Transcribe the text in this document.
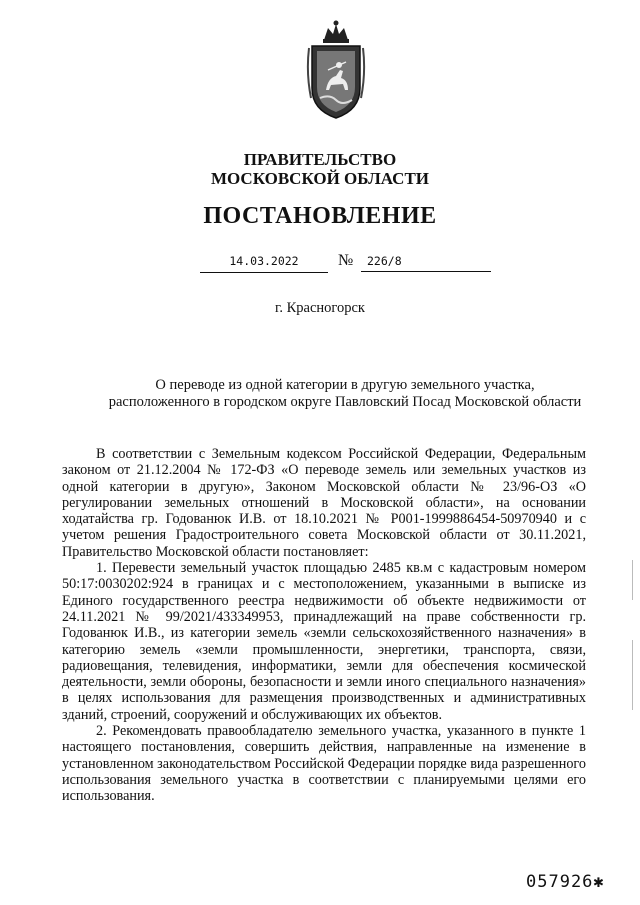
ПРАВИТЕЛЬСТВО
МОСКОВСКОЙ ОБЛАСТИ
ПОСТАНОВЛЕНИЕ
14.03.2022	№	226/8
г. Красногорск
О переводе из одной категории в другую земельного участка,
расположенного в городском округе Павловский Посад Московской области

В соответствии с Земельным кодексом Российской Федерации, Федеральным законом от 21.12.2004 № 172-ФЗ «О переводе земель или земельных участков из одной категории в другую», Законом Московской области № 23/96-ОЗ «О регулировании земельных отношений в Московской области», на основании ходатайства гр. Годованюк И.В. от 18.10.2021 № Р001-1999886454-50970940 и с учетом решения Градостроительного совета Московской области от 30.11.2021, Правительство Московской области постановляет:

1. Перевести земельный участок площадью 2485 кв.м с кадастровым номером 50:17:0030202:924 в границах и с местоположением, указанными в выписке из Единого государственного реестра недвижимости об объекте недвижимости от 24.11.2021 № 99/2021/433349953, принадлежащий на праве собственности гр. Годованюк И.В., из категории земель «земли сельскохозяйственного назначения» в категорию земель «земли промышленности, энергетики, транспорта, связи, радиовещания, телевидения, информатики, земли для обеспечения космической деятельности, земли обороны, безопасности и земли иного специального назначения» в целях использования для размещения производственных и административных зданий, строений, сооружений и обслуживающих их объектов.

2. Рекомендовать правообладателю земельного участка, указанного в пункте 1 настоящего постановления, совершить действия, направленные на изменение в установленном законодательством Российской Федерации порядке вида разрешенного использования земельного участка в соответствии с планируемыми целями его использования.

057926✱
